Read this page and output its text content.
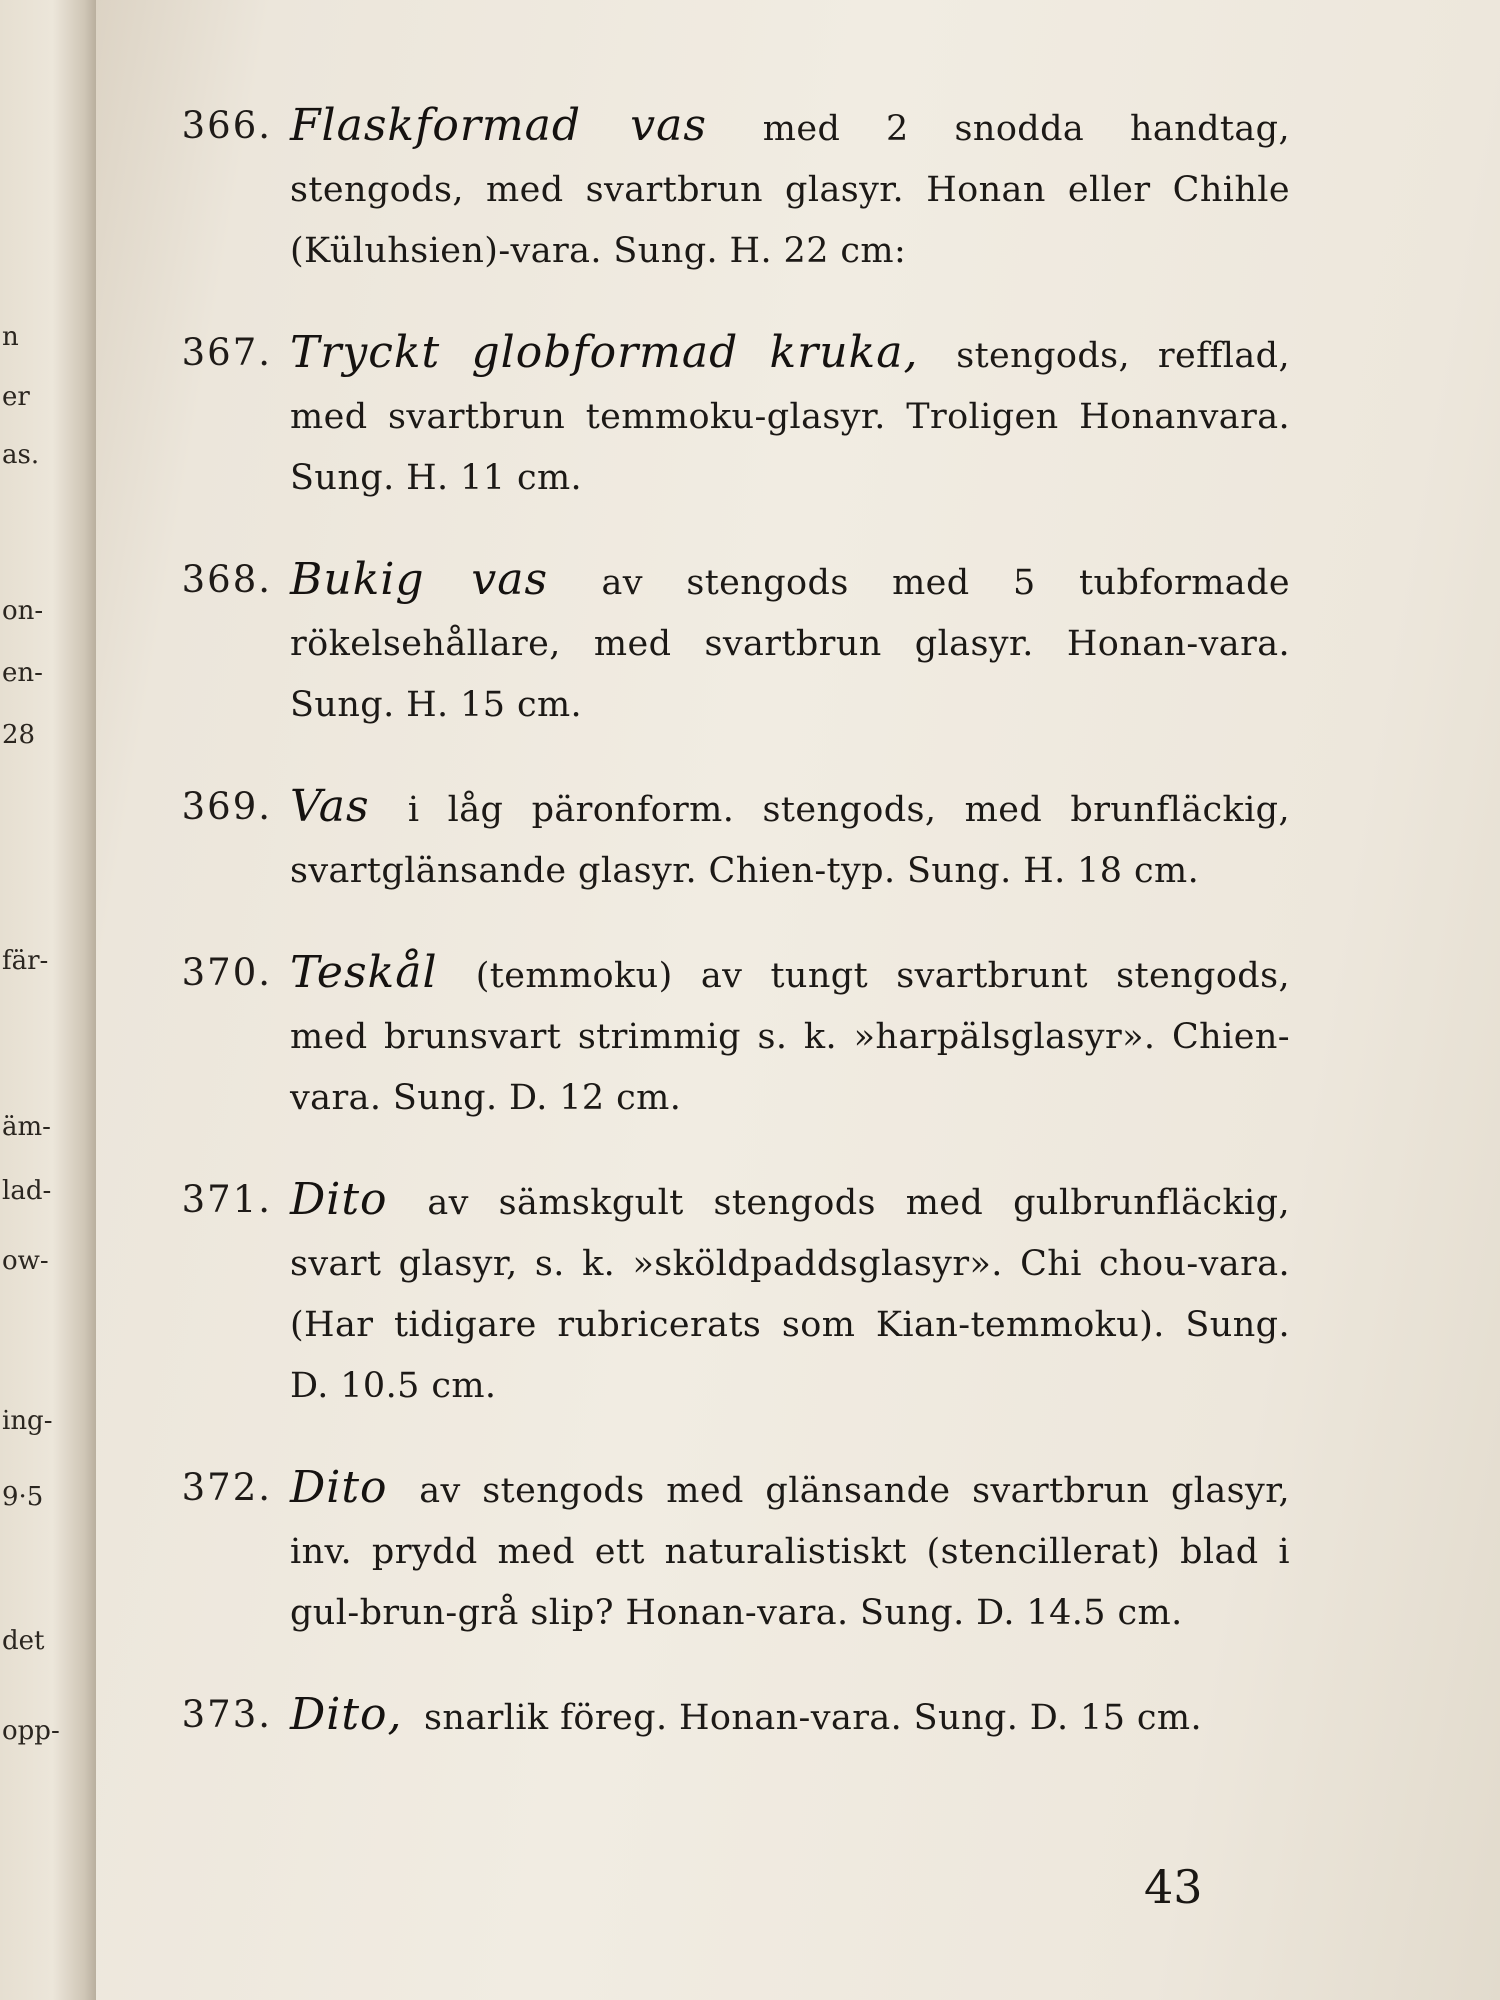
n
er
as.
on-
en-
28
fär-
äm-
lad-
ow-
ing-
9·5
det
opp-
366. Flaskformad vas med 2 snodda handtag, stengods, med svartbrun glasyr. Honan eller Chihle (Küluhsien)-vara. Sung. H. 22 cm:
367. Tryckt globformad kruka, stengods, refflad, med svartbrun temmoku-glasyr. Troligen Honanvara. Sung. H. 11 cm.
368. Bukig vas av stengods med 5 tubformade rökelsehållare, med svartbrun glasyr. Honan-vara. Sung. H. 15 cm.
369. Vas i låg päronform. stengods, med brunfläckig, svartglänsande glasyr. Chien-typ. Sung. H. 18 cm.
370. Teskål (temmoku) av tungt svartbrunt stengods, med brunsvart strimmig s. k. »harpälsglasyr». Chien-vara. Sung. D. 12 cm.
371. Dito av sämskgult stengods med gulbrunfläckig, svart glasyr, s. k. »sköldpaddsglasyr». Chi chou-vara. (Har tidigare rubricerats som Kian-temmoku). Sung. D. 10.5 cm.
372. Dito av stengods med glänsande svartbrun glasyr, inv. prydd med ett naturalistiskt (stencillerat) blad i gul-brun-grå slip? Honan-vara. Sung. D. 14.5 cm.
373. Dito, snarlik föreg. Honan-vara. Sung. D. 15 cm.
43
